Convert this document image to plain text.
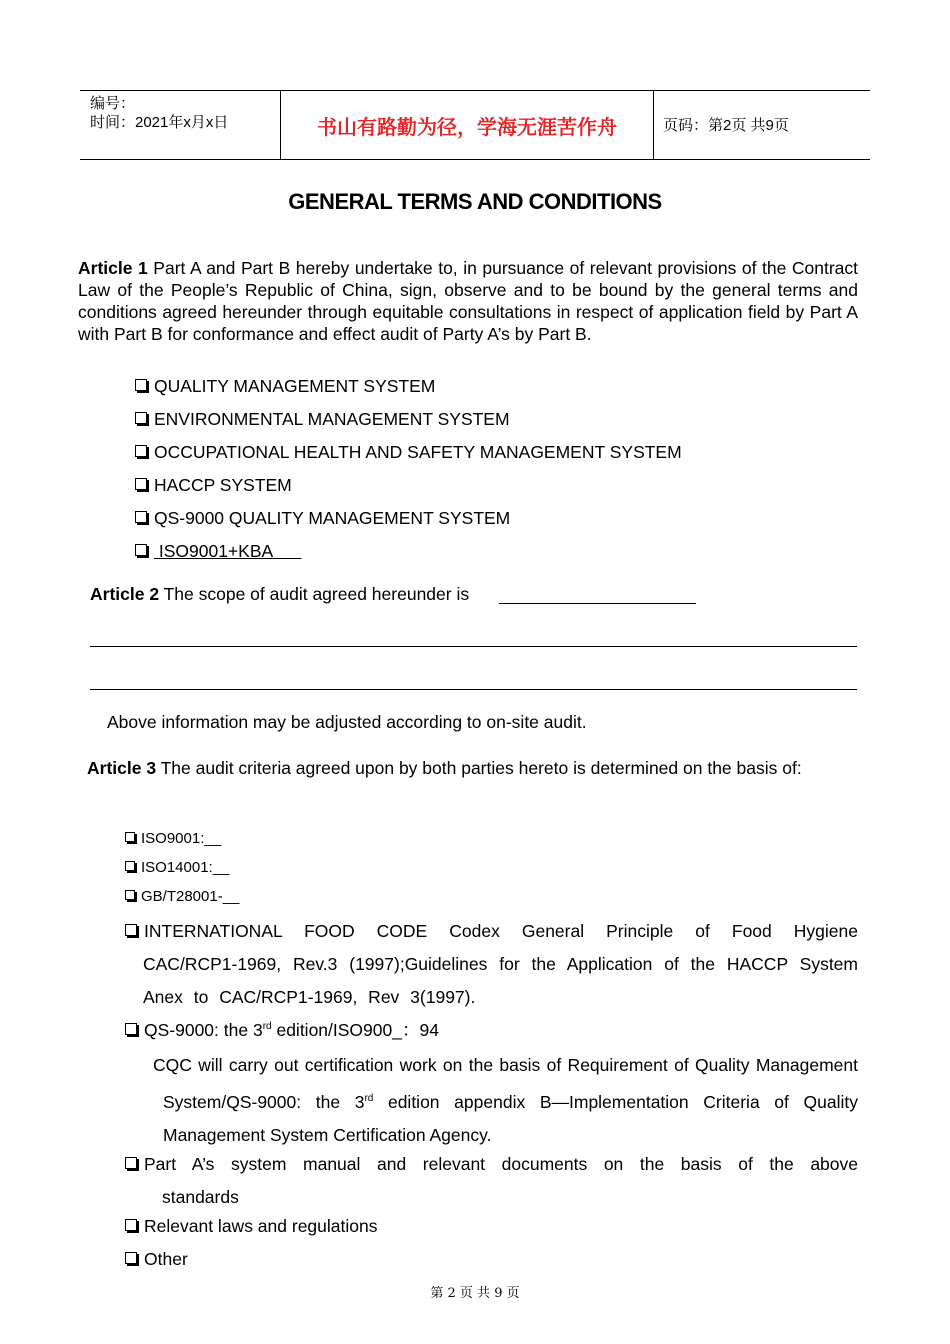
编号：
时间：2021年x月x日	书山有路勤为径，学海无涯苦作舟	页码：第2页 共9页
GENERAL TERMS AND CONDITIONS
Article 1 Part A and Part B hereby undertake to, in pursuance of relevant provisions of the Contract Law of the People’s Republic of China, sign, observe and to be bound by the general terms and conditions agreed hereunder through equitable consultations in respect of application field by Part A with Part B for conformance and effect audit of Party A’s by Part B.
QUALITY MANAGEMENT SYSTEM
ENVIRONMENTAL MANAGEMENT SYSTEM
OCCUPATIONAL HEALTH AND SAFETY MANAGEMENT SYSTEM
HACCP SYSTEM
QS-9000 QUALITY MANAGEMENT SYSTEM
ISO9001+KBA
Article 2 The scope of audit agreed hereunder is
Above information may be adjusted according to on-site audit.
Article 3 The audit criteria agreed upon by both parties hereto is determined on the basis of:
ISO9001:__
ISO14001:__
GB/T28001-__
INTERNATIONAL FOOD CODE Codex General Principle of Food Hygiene CAC/RCP1-1969, Rev.3 (1997);Guidelines for the Application of the HACCP System Anex to CAC/RCP1-1969, Rev 3(1997).
QS-9000: the 3rd edition/ISO900_：94
CQC will carry out certification work on the basis of Requirement of Quality Management System/QS-9000: the 3rd edition appendix B—Implementation Criteria of Quality Management System Certification Agency.
Part A’s system manual and relevant documents on the basis of the above standards
Relevant laws and regulations
Other
第 2 页 共 9 页
